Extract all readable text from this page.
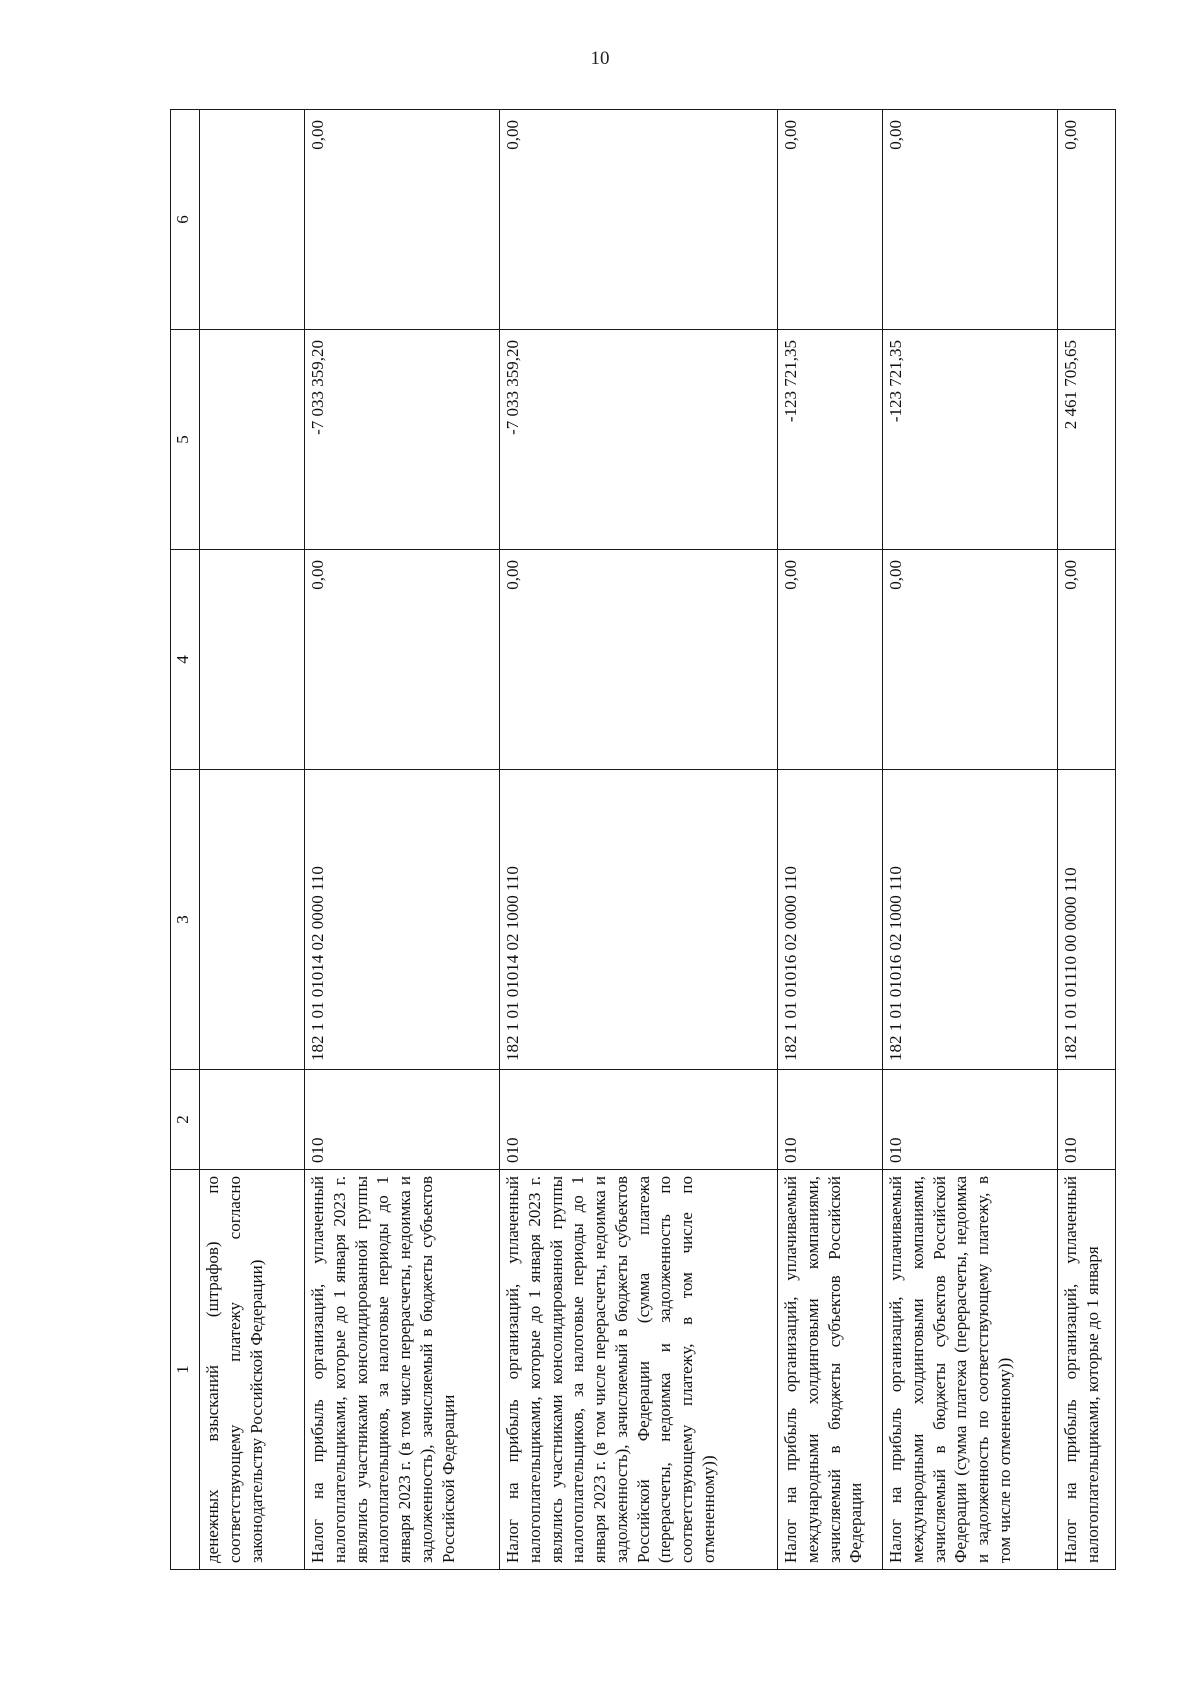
10
1	2	3	4	5	6
денежных взысканий (штрафов) по соответствующему платежу согласно законодательству Российской Федерации)					
Налог на прибыль организаций, уплаченный налогоплательщиками, которые до 1 января 2023 г. являлись участниками консолидированной группы налогоплательщиков, за налоговые периоды до 1 января 2023 г. (в том числе перерасчеты, недоимка и задолженность), зачисляемый в бюджеты субъектов Российской Федерации	010	182 1 01 01014 02 0000 110	0,00	-7 033 359,20	0,00
Налог на прибыль организаций, уплаченный налогоплательщиками, которые до 1 января 2023 г. являлись участниками консолидированной группы налогоплательщиков, за налоговые периоды до 1 января 2023 г. (в том числе перерасчеты, недоимка и задолженность), зачисляемый в бюджеты субъектов Российской Федерации (сумма платежа (перерасчеты, недоимка и задолженность по соответствующему платежу, в том числе по отмененному))	010	182 1 01 01014 02 1000 110	0,00	-7 033 359,20	0,00
Налог на прибыль организаций, уплачиваемый международными холдинговыми компаниями, зачисляемый в бюджеты субъектов Российской Федерации	010	182 1 01 01016 02 0000 110	0,00	-123 721,35	0,00
Налог на прибыль организаций, уплачиваемый международными холдинговыми компаниями, зачисляемый в бюджеты субъектов Российской Федерации (сумма платежа (перерасчеты, недоимка и задолженность по соответствующему платежу, в том числе по отмененному))	010	182 1 01 01016 02 1000 110	0,00	-123 721,35	0,00
Налог на прибыль организаций, уплаченный налогоплательщиками, которые до 1 января	010	182 1 01 01110 00 0000 110	0,00	2 461 705,65	0,00
